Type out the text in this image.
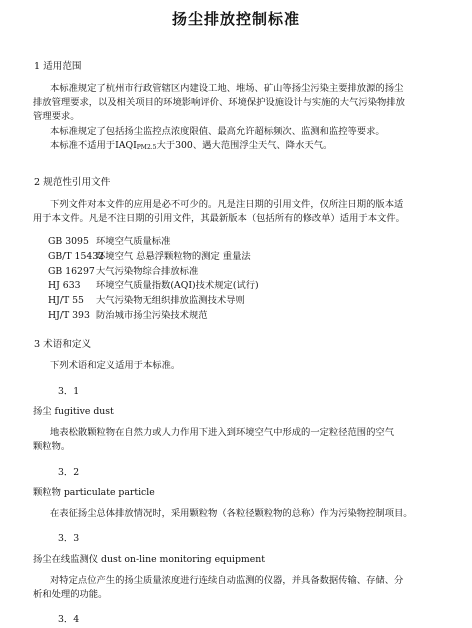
扬尘排放控制标准
1 适用范围
本标准规定了杭州市行政管辖区内建设工地、堆场、矿山等扬尘污染主要排放源的扬尘
排放管理要求，以及相关项目的环境影响评价、环境保护设施设计与实施的大气污染物排放
管理要求。
本标准规定了包括扬尘监控点浓度限值、最高允许超标频次、监测和监控等要求。
本标准不适用于$IAQI_{PM2.5}$大于300、遇大范围浮尘天气、降水天气。
2 规范性引用文件
下列文件对本文件的应用是必不可少的。凡是注日期的引用文件，仅所注日期的版本适
用于本文件。凡是不注日期的引用文件，其最新版本（包括所有的修改单）适用于本文件。
GB 3095 环境空气质量标准
GB/T 15432环境空气 总悬浮颗粒物的测定 重量法
GB 16297大气污染物综合排放标准
HJ 633 环境空气质量指数(AQI)技术规定(试行)
HJ/T 55 大气污染物无组织排放监测技术导则
HJ/T 393 防治城市扬尘污染技术规范
3 术语和定义
下列术语和定义适用于本标准。
3．1
扬尘 fugitive dust
地表松散颗粒物在自然力或人力作用下进入到环境空气中形成的一定粒径范围的空气
颗粒物。
3．2
颗粒物 particulate particle
在表征扬尘总体排放情况时，采用颗粒物（各粒径颗粒物的总称）作为污染物控制项目。
3．3
扬尘在线监测仪 dust on-line monitoring equipment
对特定点位产生的扬尘质量浓度进行连续自动监测的仪器，并具备数据传输、存储、分
析和处理的功能。
3．4
